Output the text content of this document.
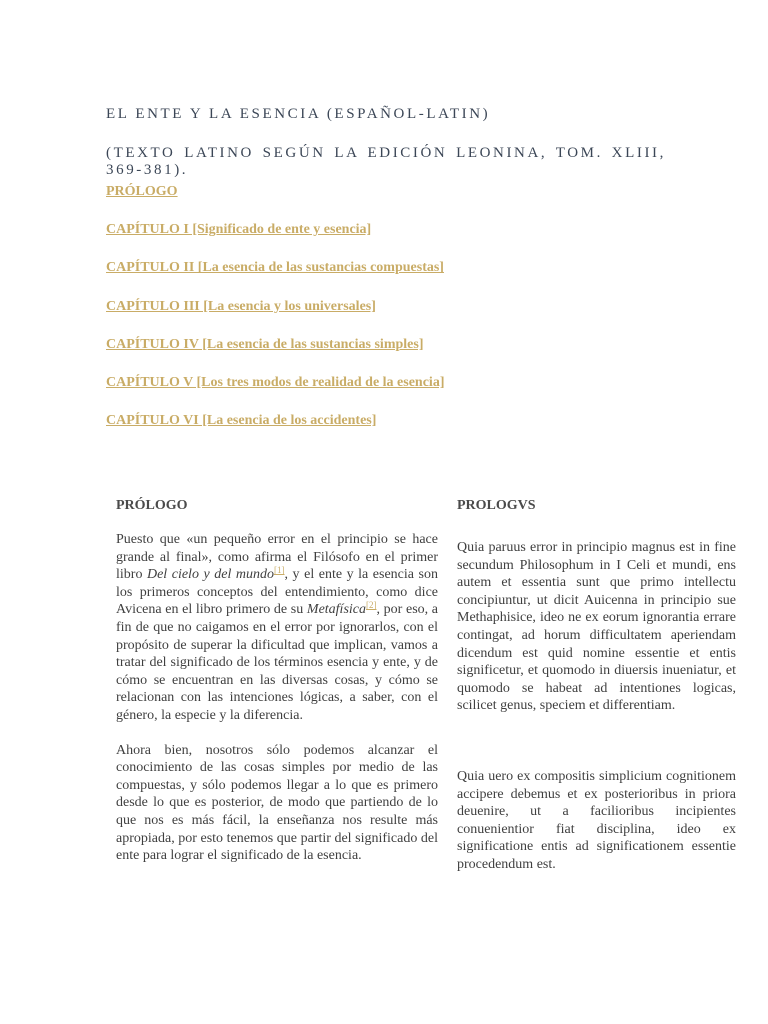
EL ENTE Y LA ESENCIA (ESPAÑOL-LATIN)
(TEXTO LATINO SEGÚN LA EDICIÓN LEONINA, TOM. XLIII, 369-381).
PRÓLOGO
CAPÍTULO I [Significado de ente y esencia]
CAPÍTULO II [La esencia de las sustancias compuestas]
CAPÍTULO III [La esencia y los universales]
CAPÍTULO IV [La esencia de las sustancias simples]
CAPÍTULO V [Los tres modos de realidad de la esencia]
CAPÍTULO VI [La esencia de los accidentes]
PRÓLOGO

Puesto que «un pequeño error en el principio se hace grande al final», como afirma el Filósofo en el primer libro Del cielo y del mundo[1], y el ente y la esencia son los primeros conceptos del entendimiento, como dice Avicena en el libro primero de su Metafísica[2], por eso, a fin de que no caigamos en el error por ignorarlos, con el propósito de superar la dificultad que implican, vamos a tratar del significado de los términos esencia y ente, y de cómo se encuentran en las diversas cosas, y cómo se relacionan con las intenciones lógicas, a saber, con el género, la especie y la diferencia.

Ahora bien, nosotros sólo podemos alcanzar el conocimiento de las cosas simples por medio de las compuestas, y sólo podemos llegar a lo que es primero desde lo que es posterior, de modo que partiendo de lo que nos es más fácil, la enseñanza nos resulte más apropiada, por esto tenemos que partir del significado del ente para lograr el significado de la esencia.

PROLOGVS

Quia paruus error in principio magnus est in fine secundum Philosophum in I Celi et mundi, ens autem et essentia sunt que primo intellectu concipiuntur, ut dicit Auicenna in principio sue Methaphisice, ideo ne ex eorum ignorantia errare contingat, ad horum difficultatem aperiendam dicendum est quid nomine essentie et entis significetur, et quomodo in diuersis inueniatur, et quomodo se habeat ad intentiones logicas, scilicet genus, speciem et differentiam.

Quia uero ex compositis simplicium cognitionem accipere debemus et ex posterioribus in priora deuenire, ut a facilioribus incipientes conuenientior fiat disciplina, ideo ex significatione entis ad significationem essentie procedendum est.
